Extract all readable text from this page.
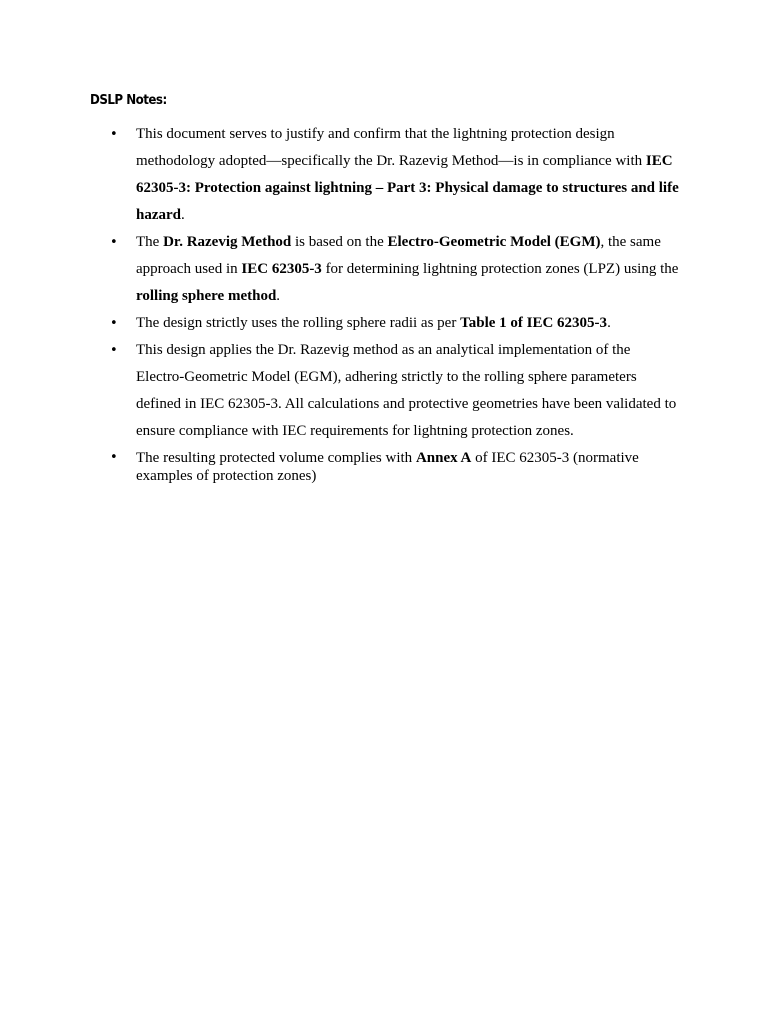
DSLP Notes:

• This document serves to justify and confirm that the lightning protection design methodology adopted—specifically the Dr. Razevig Method—is in compliance with IEC 62305-3: Protection against lightning – Part 3: Physical damage to structures and life hazard.
• The Dr. Razevig Method is based on the Electro-Geometric Model (EGM), the same approach used in IEC 62305-3 for determining lightning protection zones (LPZ) using the rolling sphere method.
• The design strictly uses the rolling sphere radii as per Table 1 of IEC 62305-3.
• This design applies the Dr. Razevig method as an analytical implementation of the Electro-Geometric Model (EGM), adhering strictly to the rolling sphere parameters defined in IEC 62305-3. All calculations and protective geometries have been validated to ensure compliance with IEC requirements for lightning protection zones.
• The resulting protected volume complies with Annex A of IEC 62305-3 (normative examples of protection zones)
